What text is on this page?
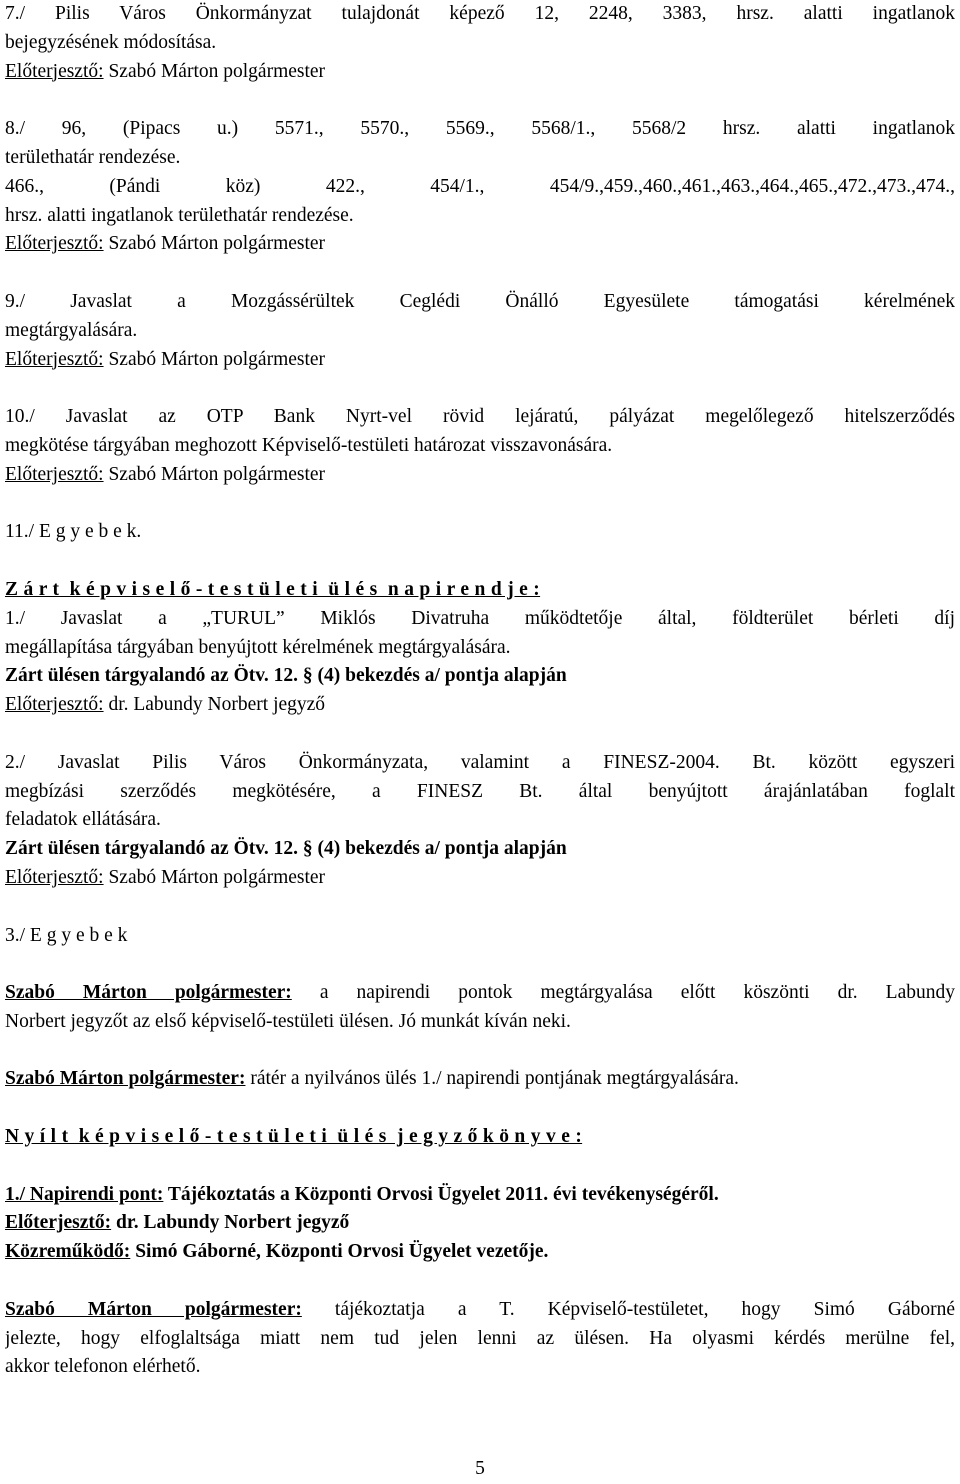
7./ Pilis Város Önkormányzat tulajdonát képező 12, 2248, 3383, hrsz. alatti ingatlanok
bejegyzésének módosítása.
Előterjesztő: Szabó Márton polgármester
8./ 96, (Pipacs u.) 5571., 5570., 5569., 5568/1., 5568/2 hrsz. alatti ingatlanok
területhatár rendezése.
466., (Pándi köz) 422., 454/1., 454/9.,459.,460.,461.,463.,464.,465.,472.,473.,474.,
hrsz. alatti ingatlanok területhatár rendezése.
Előterjesztő: Szabó Márton polgármester
9./ Javaslat a Mozgássérültek Ceglédi Önálló Egyesülete támogatási kérelmének
megtárgyalására.
Előterjesztő: Szabó Márton polgármester
10./ Javaslat az OTP Bank Nyrt-vel rövid lejáratú, pályázat megelőlegező hitelszerződés
megkötése tárgyában meghozott Képviselő-testületi határozat visszavonására.
Előterjesztő: Szabó Márton polgármester
11./ E g y e b e k.
Z á r t  k é p v i s e l ő - t e s t ü l e t i  ü l é s  n a p i r e n d j e :
1./ Javaslat a „TURUL” Miklós Divatruha működtetője által, földterület bérleti díj
megállapítása tárgyában benyújtott kérelmének megtárgyalására.
Zárt ülésen tárgyalandó az Ötv. 12. § (4) bekezdés a/ pontja alapján
Előterjesztő: dr. Labundy Norbert jegyző
2./ Javaslat Pilis Város Önkormányzata, valamint a FINESZ-2004. Bt. között egyszeri
megbízási szerződés megkötésére, a FINESZ Bt. által benyújtott árajánlatában foglalt
feladatok ellátására.
Zárt ülésen tárgyalandó az Ötv. 12. § (4) bekezdés a/ pontja alapján
Előterjesztő: Szabó Márton polgármester
3./ E g y e b e k
Szabó Márton polgármester: a napirendi pontok megtárgyalása előtt köszönti dr. Labundy
Norbert jegyzőt az első képviselő-testületi ülésen. Jó munkát kíván neki.
Szabó Márton polgármester: rátér a nyilvános ülés 1./ napirendi pontjának megtárgyalására.
N y í l t  k é p v i s e l ő - t e s t ü l e t i  ü l é s  j e g y z ő k ö n y v e :
1./ Napirendi pont: Tájékoztatás a Központi Orvosi Ügyelet 2011. évi tevékenységéről.
Előterjesztő: dr. Labundy Norbert jegyző
Közreműködő: Simó Gáborné, Központi Orvosi Ügyelet vezetője.
Szabó Márton polgármester: tájékoztatja a T. Képviselő-testületet, hogy Simó Gáborné
jelezte, hogy elfoglaltsága miatt nem tud jelen lenni az ülésen. Ha olyasmi kérdés merülne fel,
akkor telefonon elérhető.
5
